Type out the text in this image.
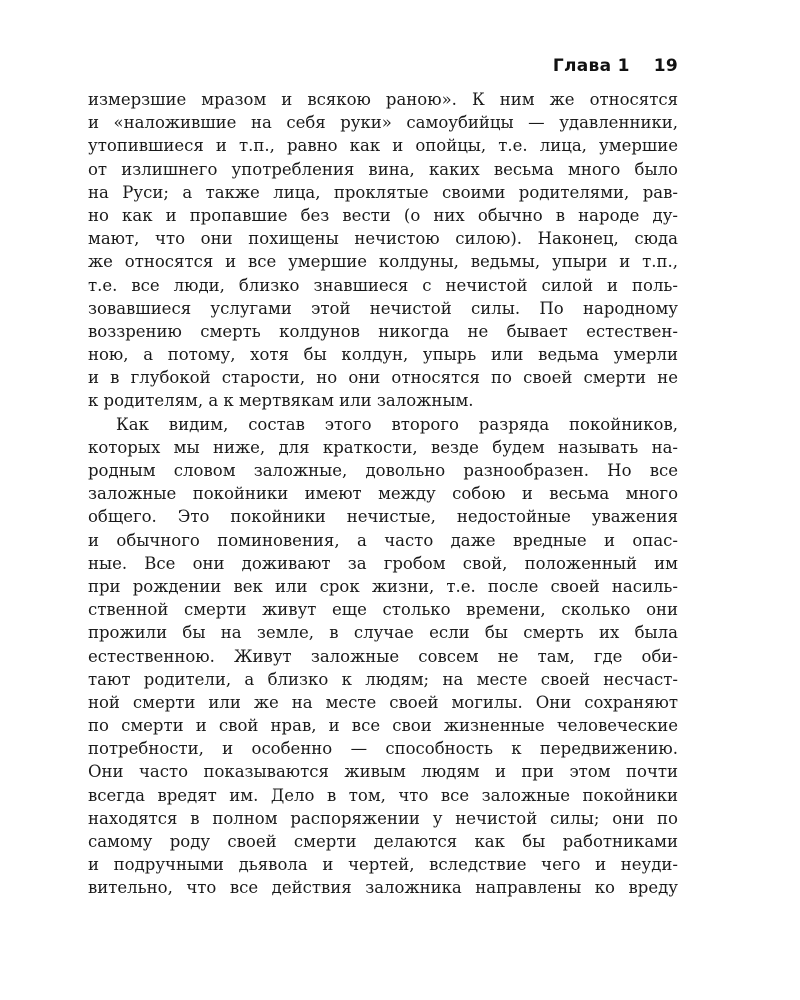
Глава 1 19
измерзшие мразом и всякою раною». К ним же относятся
и «наложившие на себя руки» самоубийцы — удавленники,
утопившиеся и т.п., равно как и опойцы, т.е. лица, умершие
от излишнего употребления вина, каких весьма много было
на Руси; а также лица, проклятые своими родителями, рав-
но как и пропавшие без вести (о них обычно в народе ду-
мают, что они похищены нечистою силою). Наконец, сюда
же относятся и все умершие колдуны, ведьмы, упыри и т.п.,
т.е. все люди, близко знавшиеся с нечистой силой и поль-
зовавшиеся услугами этой нечистой силы. По народному
воззрению смерть колдунов никогда не бывает естествен-
ною, а потому, хотя бы колдун, упырь или ведьма умерли
и в глубокой старости, но они относятся по своей смерти не
к родителям, а к мертвякам или заложным.
Как видим, состав этого второго разряда покойников,
которых мы ниже, для краткости, везде будем называть на-
родным словом заложные, довольно разнообразен. Но все
заложные покойники имеют между собою и весьма много
общего. Это покойники нечистые, недостойные уважения
и обычного поминовения, а часто даже вредные и опас-
ные. Все они доживают за гробом свой, положенный им
при рождении век или срок жизни, т.е. после своей насиль-
ственной смерти живут еще столько времени, сколько они
прожили бы на земле, в случае если бы смерть их была
естественною. Живут заложные совсем не там, где оби-
тают родители, а близко к людям; на месте своей несчаст-
ной смерти или же на месте своей могилы. Они сохраняют
по смерти и свой нрав, и все свои жизненные человеческие
потребности, и особенно — способность к передвижению.
Они часто показываются живым людям и при этом почти
всегда вредят им. Дело в том, что все заложные покойники
находятся в полном распоряжении у нечистой силы; они по
самому роду своей смерти делаются как бы работниками
и подручными дьявола и чертей, вследствие чего и неуди-
вительно, что все действия заложника направлены ко вреду
